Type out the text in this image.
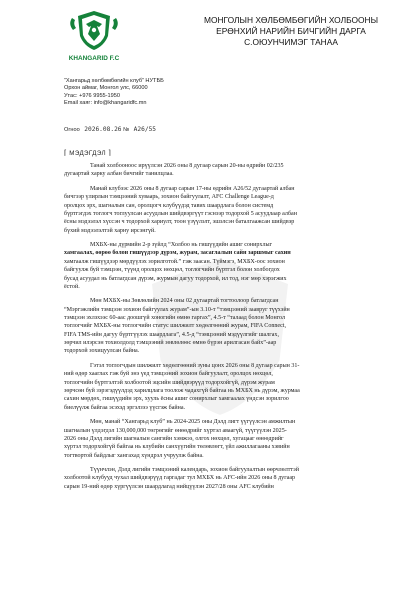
KHANGARID F.C
“Хангарьд хөлбөмбөгийн клуб” НУТББ
Орхон аймаг, Монгол улс, 66000
Утас: +976 9955-1950
Email хаяг: info@khangaridfc.mn
МОНГОЛЫН ХӨЛБӨМБӨГИЙН ХОЛБООНЫ
ЕРӨНХИЙ НАРИЙН БИЧГИЙН ДАРГА
С.ОЮУНЧИМЭГ ТАНАА
Огноо 2026.08.26 № А26/55
⌈ МЭДЭГДЭЛ ⌉
Танай холбооноос ирүүлсэн 2026 оны 8 дугаар сарын 20-ны өдрийн 02/235
дугаартай харку албан бичгийг танилцлаа.
Манай клубээс 2026 оны 8 дугаар сарын 17-ны өдрийн А26/52 дугаартай албан
бичгээр үлирлын тэмцээний хуваарь, зохион байгуулалт, AFC Challenge League-д
оролцох эрх, шагналын сан, оролцогч клубүүдэд тавих шаардлага болон системд
бүртгэгдэх тоглогч тоглуулсан асуудлын шийдвэргүүт гэснээр тодорхой 5 асуудлаар албан
ёсны мэдээлэл хүссэн ч тодорхой хариулт, тоон үзүүлэлт, эшэлсэн баталгаажсан шийдвэр
бүхий мэдээлэлтэй харну ирсэнгүй.
МХБХ-ны дүрмийн 2-р зүйлд “Холбоо нь гишүүдийн ашиг сонирхлыг
хамгаалах, өөрөө болон гишүүдээр дүрэм, журам, засаглалын сайн заршмыг сахин
хамгаалж гишүүдээр мөрдүүлэх зорилготой.” гэж заасан. Түймэгэ, МХБХ-оос зохион
байгуулж буй тэмцээн, түүнд оролцох нөхцөл, тоглогчийн бүртгэл болон холбогдох
бусад асуудал нь батлагдсан дүрэм, журмын дагуу тодорхой, ил тод, нэг мөр хэрэгжих
ёстой.
Мөн МХБХ-ны Зөвлөлийн 2024 оны 02 дугаартай тогтоолоор батлагдсан
“Мэргэжлийн тэмцээн зохион байгуулах журам”-ын 3.10-т “тэмцээний заавруг түүхэйн
тэмцээн эхлэхээс 60-аас доошгүй хоногийн өмнө гаргах”, 4.5-т “талаад болон Монгол
тоглогчийг МХБХ-ны тоглогчийн статус шилжилт хөдөлгөөний журам, FIFA Connect,
FIFA TMS-ийн дагуу бүртгүүлэх шаардлага”, 4.5-д “тэмцээний мэдүүлгийг шалгах,
зөрчил илэрсэн тохиолдолд тэмцээний зөвлөлөөс өмнө бүрэн арилгасан байх”-аар
тодорхой зохицуулсан байна.
Гэтэл тоглогчдын шилжилт хөдөлгөөний зуны цонх 2026 оны 8 дугаар сарын 31-
ний өдөр хааглах гэж буй энэ үед тэмцээний зохион байгуулалт, оролцох нөхцөл,
тоглогчийн бүртгэлтэй холбоотой эцсийн шийдвэрүүд тодорхойгүй, дүрэм журам
зөрчсөн буй зэрэгэдүүлдэд харилцлага тоолож чадахгүй байгаа нь МХБХ нь дүрэм, журмаа
сахин мөрдөх, гишүүдийн эрх, хууль ёсны ашиг сонирхлыг хамгаалах үндсэн зорилгоо
биелүүлж байгаа эсэхэд эргэлзээ үүсгэж байна.
Мөн, манай “Хангарьд клуб” нь 2024-2025 оны Дэлд лигт үүгүүлсэн амжилтын
шагналын үлдэгдэл 130,000,000 төгрөгийг өнөөдрийг хүртэл аваагүй, түүгүүлэн 2025-
2026 оны Дэлд лигийн шагналын сангийн хэмжээ, олгох нөхцөл, хугацааг өнөөдрийг
хүртэл тодорхойгүй байгаа нь клубийн санхүүгийн төлөвлөгт, үйл ажиллагааны хэвийн
тогтвортой байдлыг хангахад хүндрэл учруулж байна.
Түүнчлэн, Дэлд лигийн тэмцээний календарь, зохион байгуулалтын өөрчлөлттэй
холбоотой клубууд чухал шийдвэрүүд гаргадаг тул МХБХ нь AFC-ийн 2026 оны 8 дугаар
сарын 19-ний өдөр хүргүүлсэн шаардлагад нийцүүлэн 2027/28 оны AFC клубийн
